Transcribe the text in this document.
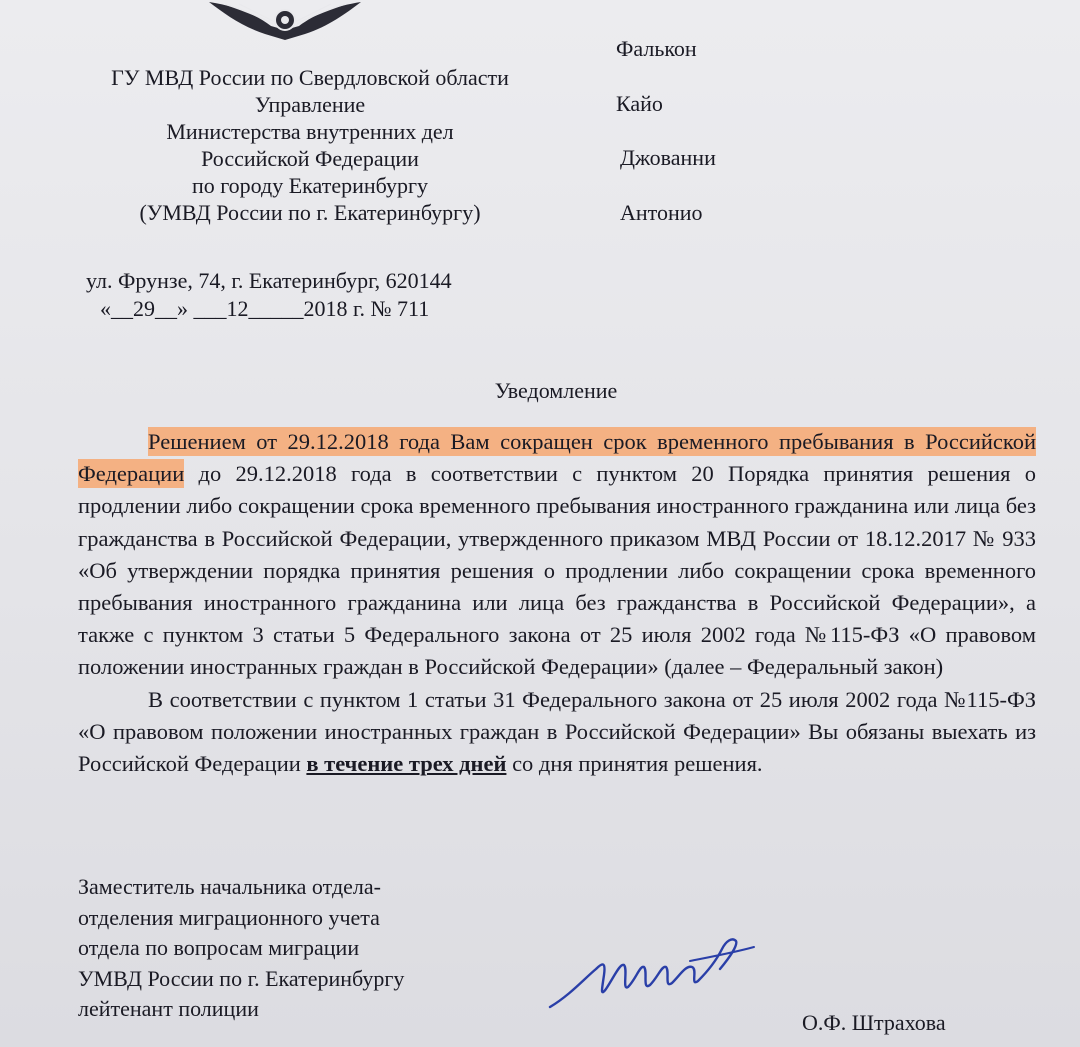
ГУ МВД России по Свердловской области
Управление
Министерства внутренних дел
Российской Федерации
по городу Екатеринбургу
(УМВД России по г. Екатеринбургу)
Фалькон
Кайо
Джованни
Антонио
ул. Фрунзе, 74, г. Екатеринбург, 620144
«__29__» ___12_____2018 г. № 711
Уведомление

Решением от 29.12.2018 года Вам сокращен срок временного пребывания в Российской Федерации до 29.12.2018 года в соответствии с пунктом 20 Порядка принятия решения о продлении либо сокращении срока временного пребывания иностранного гражданина или лица без гражданства в Российской Федерации, утвержденного приказом МВД России от 18.12.2017 № 933 «Об утверждении порядка принятия решения о продлении либо сокращении срока временного пребывания иностранного гражданина или лица без гражданства в Российской Федерации», а также с пунктом 3 статьи 5 Федерального закона от 25 июля 2002 года №115-ФЗ «О правовом положении иностранных граждан в Российской Федерации» (далее – Федеральный закон)

В соответствии с пунктом 1 статьи 31 Федерального закона от 25 июля 2002 года №115-ФЗ «О правовом положении иностранных граждан в Российской Федерации» Вы обязаны выехать из Российской Федерации в течение трех дней со дня принятия решения.

Заместитель начальника отдела-
отделения миграционного учета
отдела по вопросам миграции
УМВД России по г. Екатеринбургу
лейтенант полиции
О.Ф. Штрахова
